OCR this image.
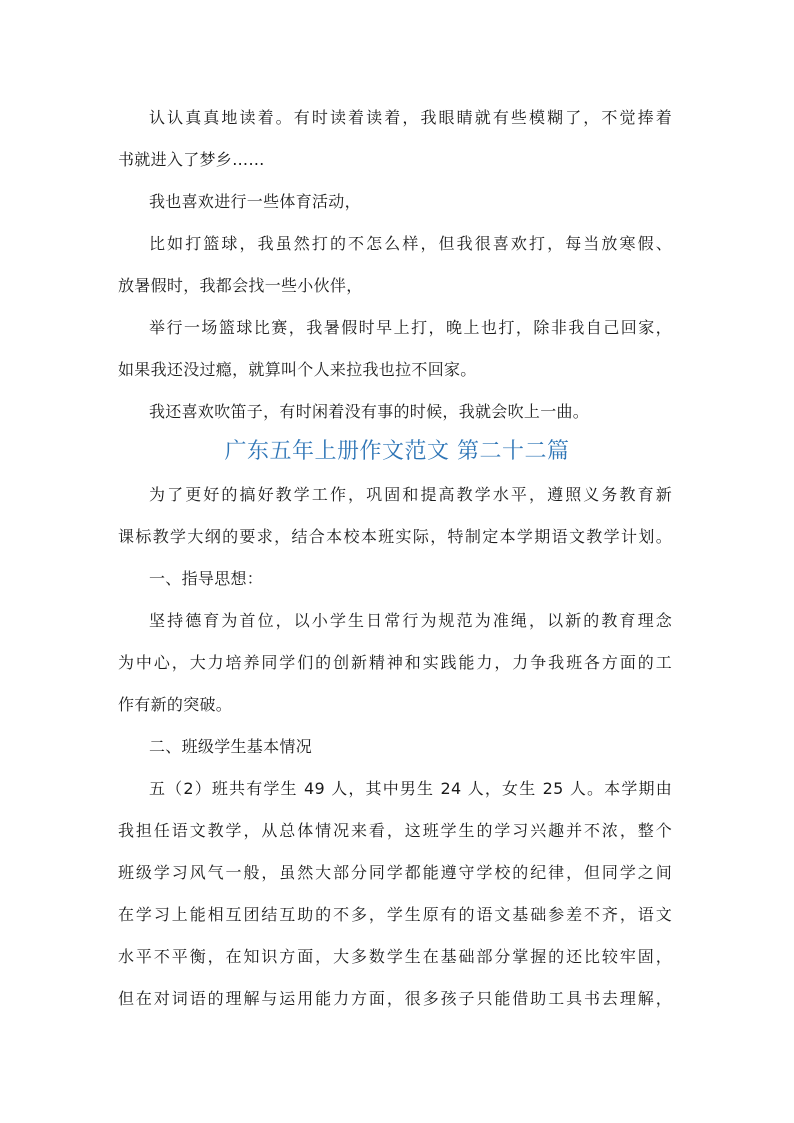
认认真真地读着。有时读着读着，我眼睛就有些模糊了，不觉捧着
书就进入了梦乡……
我也喜欢进行一些体育活动，
比如打篮球，我虽然打的不怎么样，但我很喜欢打，每当放寒假、
放暑假时，我都会找一些小伙伴，
举行一场篮球比赛，我暑假时早上打，晚上也打，除非我自己回家，
如果我还没过瘾，就算叫个人来拉我也拉不回家。
我还喜欢吹笛子，有时闲着没有事的时候，我就会吹上一曲。
广东五年上册作文范文 第二十二篇
为了更好的搞好教学工作，巩固和提高教学水平，遵照义务教育新
课标教学大纲的要求，结合本校本班实际，特制定本学期语文教学计划。
一、指导思想：
坚持德育为首位，以小学生日常行为规范为准绳，以新的教育理念
为中心，大力培养同学们的创新精神和实践能力，力争我班各方面的工
作有新的突破。
二、班级学生基本情况
五（2）班共有学生 49 人，其中男生 24 人，女生 25 人。本学期由
我担任语文教学，从总体情况来看，这班学生的学习兴趣并不浓，整个
班级学习风气一般，虽然大部分同学都能遵守学校的纪律，但同学之间
在学习上能相互团结互助的不多，学生原有的语文基础参差不齐，语文
水平不平衡，在知识方面，大多数学生在基础部分掌握的还比较牢固，
但在对词语的理解与运用能力方面，很多孩子只能借助工具书去理解，
